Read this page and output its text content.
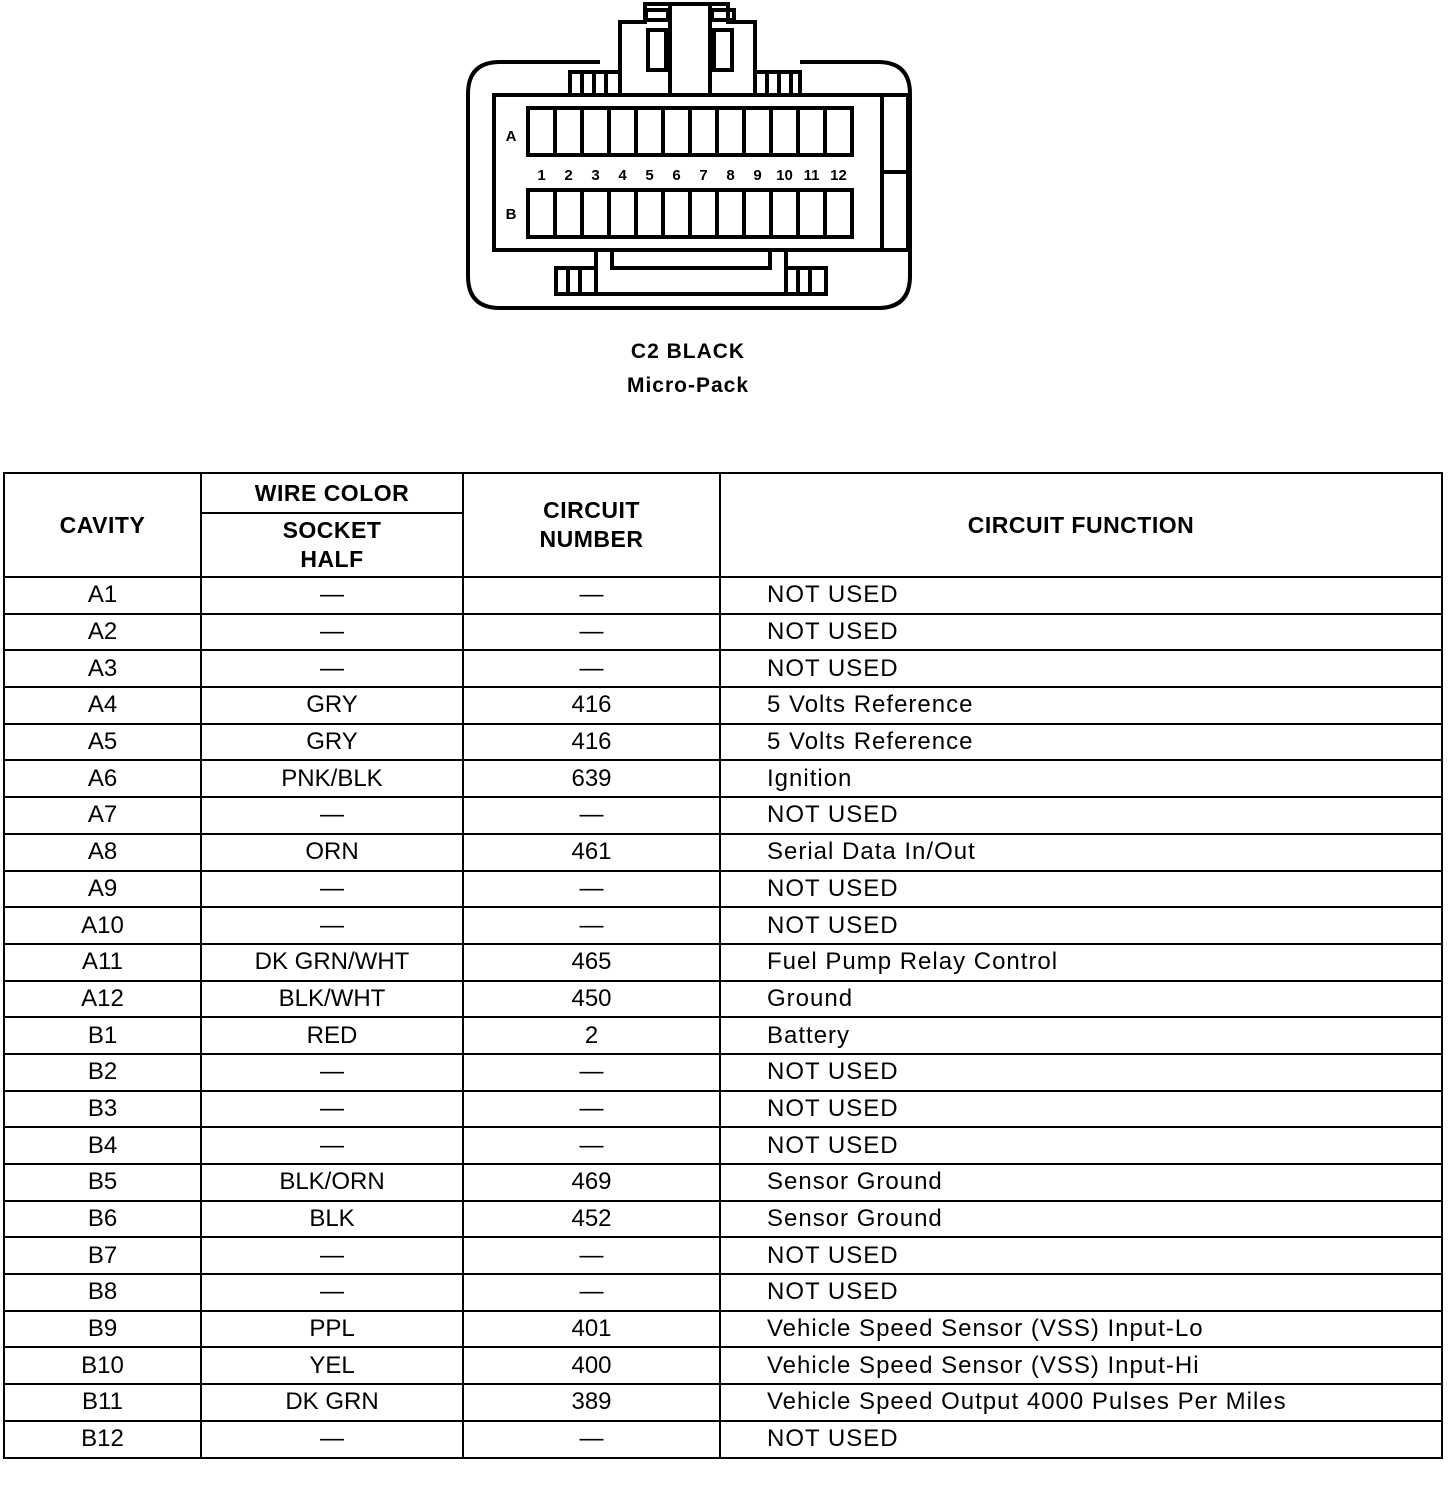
A
B
1 2 3 4 5 6 7 8 9 10 11 12
C2 BLACK
Micro-Pack
CAVITY	WIRE COLOR	CIRCUIT NUMBER	CIRCUIT FUNCTION
	SOCKET HALF		
A1	—	—	NOT USED
A2	—	—	NOT USED
A3	—	—	NOT USED
A4	GRY	416	5 Volts Reference
A5	GRY	416	5 Volts Reference
A6	PNK/BLK	639	Ignition
A7	—	—	NOT USED
A8	ORN	461	Serial Data In/Out
A9	—	—	NOT USED
A10	—	—	NOT USED
A11	DK GRN/WHT	465	Fuel Pump Relay Control
A12	BLK/WHT	450	Ground
B1	RED	2	Battery
B2	—	—	NOT USED
B3	—	—	NOT USED
B4	—	—	NOT USED
B5	BLK/ORN	469	Sensor Ground
B6	BLK	452	Sensor Ground
B7	—	—	NOT USED
B8	—	—	NOT USED
B9	PPL	401	Vehicle Speed Sensor (VSS) Input-Lo
B10	YEL	400	Vehicle Speed Sensor (VSS) Input-Hi
B11	DK GRN	389	Vehicle Speed Output 4000 Pulses Per Miles
B12	—	—	NOT USED
